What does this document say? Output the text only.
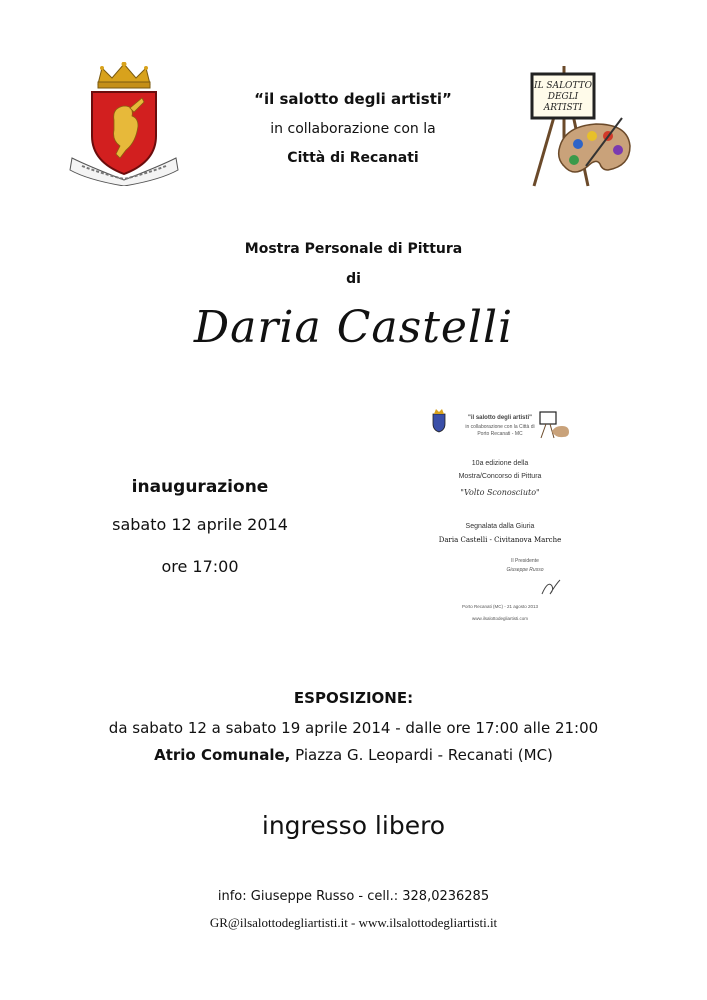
“il salotto degli artisti”
in collaborazione con la
Città di Recanati
IL SALOTTO
DEGLI
ARTISTI
Mostra Personale di Pittura
di
Daria Castelli
inaugurazione
sabato 12 aprile 2014
ore 17:00
"il salotto degli artisti"
in collaborazione con la Città di
Porto Recanati - MC
10a edizione della
Mostra/Concorso di Pittura
"Volto Sconosciuto"
Segnalata dalla Giuria
Daria Castelli - Civitanova Marche
Il Presidente
Giuseppe Russo
Porto Recanati (MC) - 21 agosto 2013
www.ilsalottodegliartisti.com
ESPOSIZIONE:
da sabato 12 a sabato 19 aprile 2014 - dalle ore 17:00 alle 21:00
Atrio Comunale, Piazza G. Leopardi - Recanati (MC)
ingresso libero
info: Giuseppe Russo - cell.: 328,0236285
GR@ilsalottodegliartisti.it - www.ilsalottodegliartisti.it
